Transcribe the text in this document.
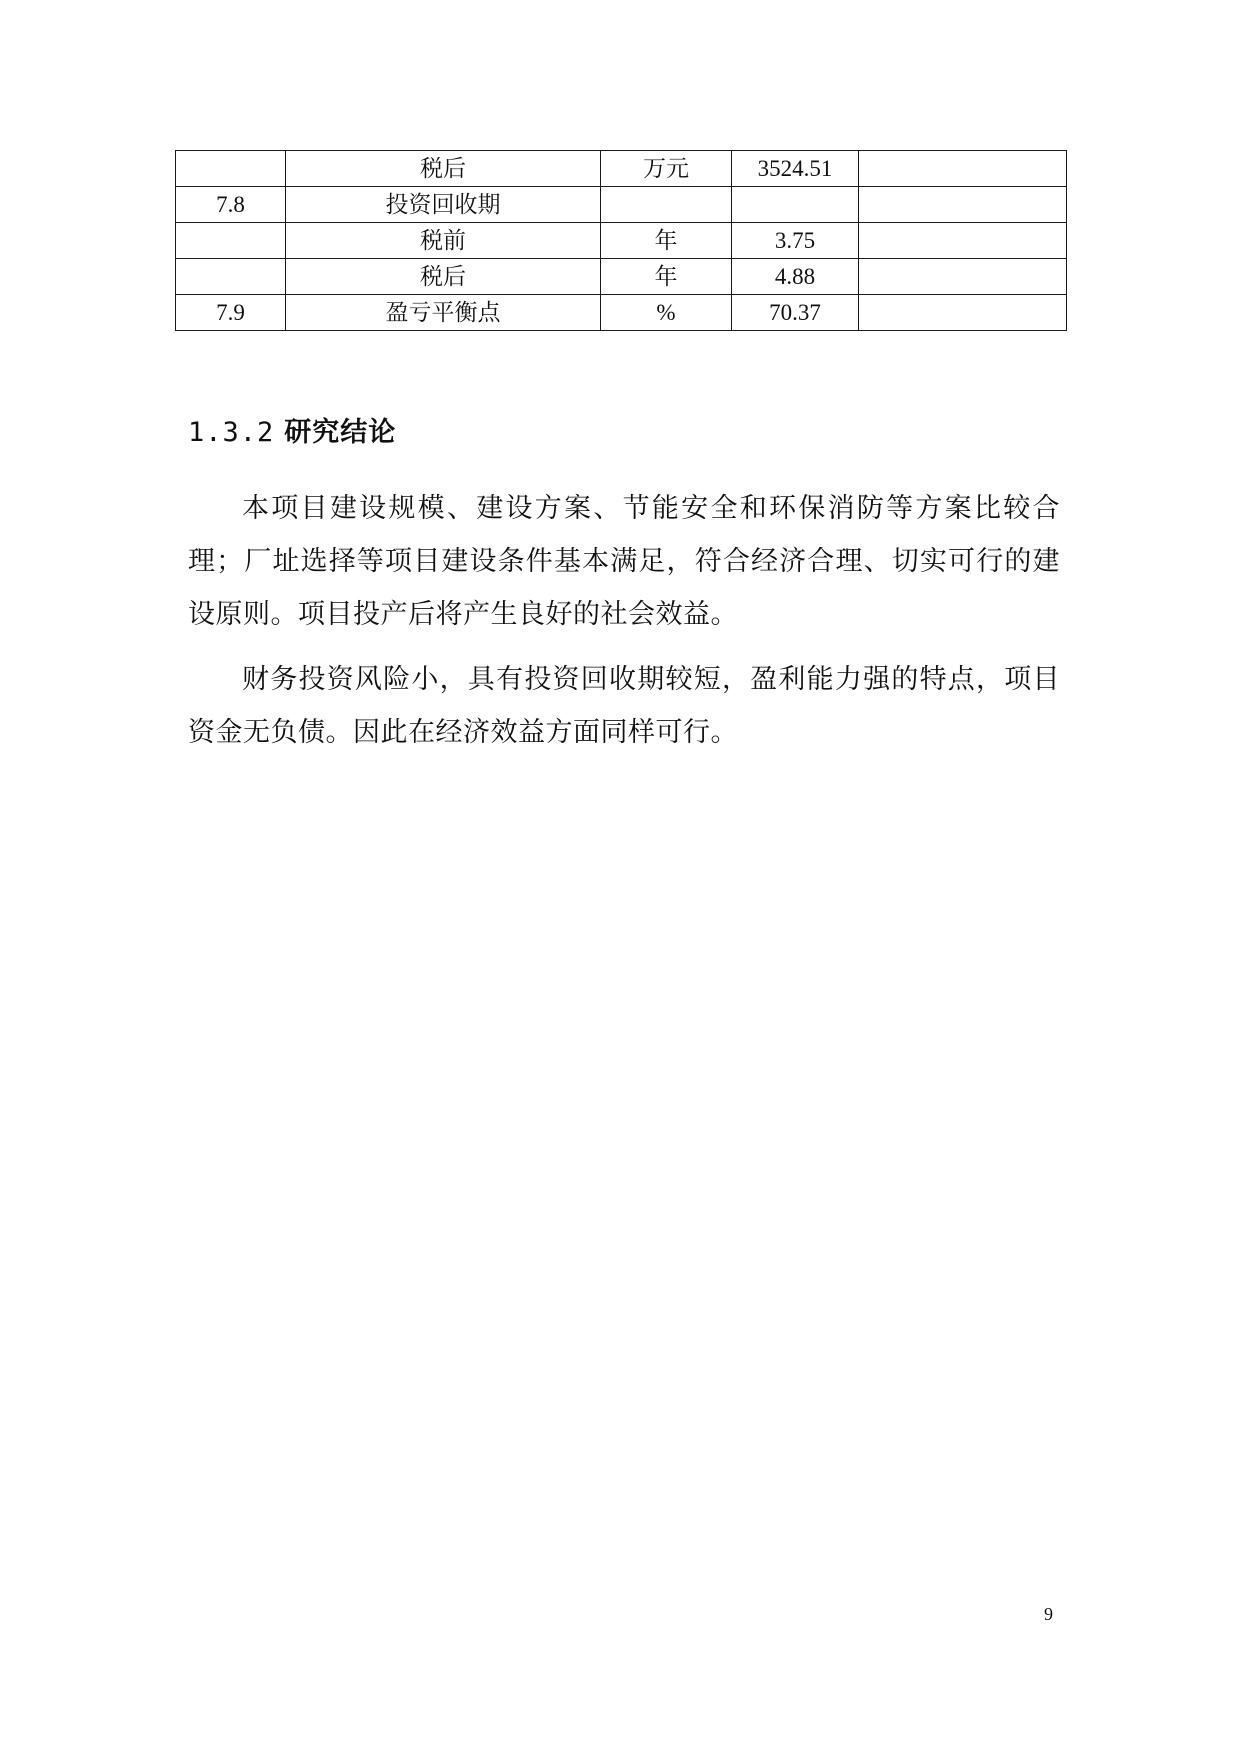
	税后	万元	3524.51	
7.8	投资回收期			
	税前	年	3.75	
	税后	年	4.88	
7.9	盈亏平衡点	%	70.37	
1.3.2 研究结论

本项目建设规模、建设方案、节能安全和环保消防等方案比较合理；厂址选择等项目建设条件基本满足，符合经济合理、切实可行的建设原则。项目投产后将产生良好的社会效益。

财务投资风险小，具有投资回收期较短，盈利能力强的特点，项目资金无负债。因此在经济效益方面同样可行。

9
